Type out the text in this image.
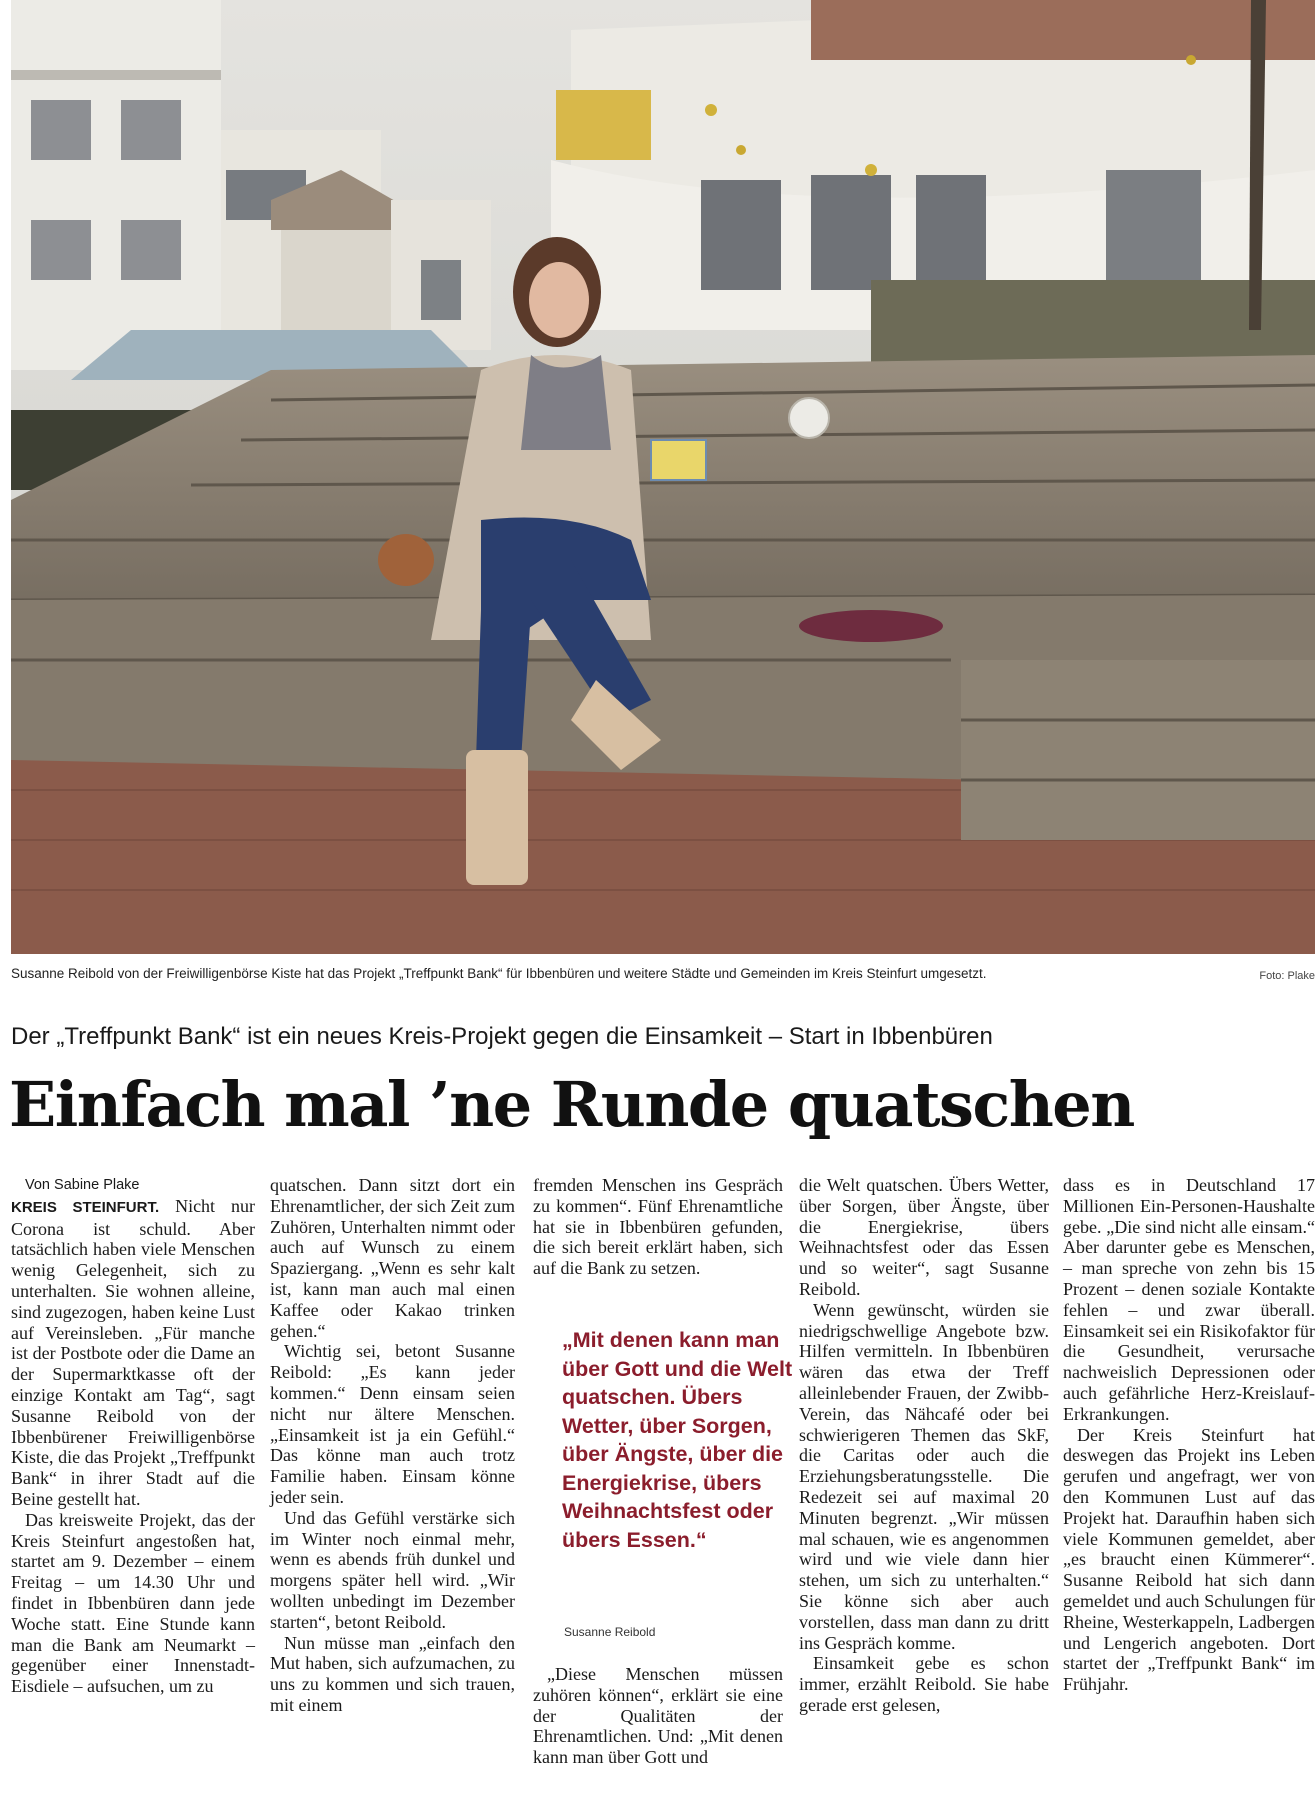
Susanne Reibold von der Freiwilligenbörse Kiste hat das Projekt „Treffpunkt Bank“ für Ibbenbüren und weitere Städte und Gemeinden im Kreis Steinfurt umgesetzt.	Foto: Plake
Der „Treffpunkt Bank“ ist ein neues Kreis-Projekt gegen die Einsamkeit – Start in Ibbenbüren
Einfach mal ’ne Runde quatschen

Von Sabine Plake

KREIS STEINFURT. Nicht nur Corona ist schuld. Aber tatsächlich haben viele Menschen wenig Gelegenheit, sich zu unterhalten. Sie wohnen alleine, sind zugezogen, haben keine Lust auf Vereinsleben. „Für manche ist der Postbote oder die Dame an der Supermarktkasse oft der einzige Kontakt am Tag“, sagt Susanne Reibold von der Ibbenbürener Freiwilligenbörse Kiste, die das Projekt „Treffpunkt Bank“ in ihrer Stadt auf die Beine gestellt hat.

Das kreisweite Projekt, das der Kreis Steinfurt angestoßen hat, startet am 9. Dezember – einem Freitag – um 14.30 Uhr und findet in Ibbenbüren dann jede Woche statt. Eine Stunde kann man die Bank am Neumarkt – gegenüber einer Innenstadt-Eisdiele – aufsuchen, um zu

quatschen. Dann sitzt dort ein Ehrenamtlicher, der sich Zeit zum Zuhören, Unterhalten nimmt oder auch auf Wunsch zu einem Spaziergang. „Wenn es sehr kalt ist, kann man auch mal einen Kaffee oder Kakao trinken gehen.“

Wichtig sei, betont Susanne Reibold: „Es kann jeder kommen.“ Denn einsam seien nicht nur ältere Menschen. „Einsamkeit ist ja ein Gefühl.“ Das könne man auch trotz Familie haben. Einsam könne jeder sein.

Und das Gefühl verstärke sich im Winter noch einmal mehr, wenn es abends früh dunkel und morgens später hell wird. „Wir wollten unbedingt im Dezember starten“, betont Reibold.

Nun müsse man „einfach den Mut haben, sich aufzumachen, zu uns zu kommen und sich trauen, mit einem

fremden Menschen ins Gespräch zu kommen“. Fünf Ehrenamtliche hat sie in Ibbenbüren gefunden, die sich bereit erklärt haben, sich auf die Bank zu setzen.

„Mit denen kann man über Gott und die Welt quatschen. Übers Wetter, über Sorgen, über Ängste, über die Energiekrise, übers Weihnachtsfest oder übers Essen.“
Susanne Reibold

„Diese Menschen müssen zuhören können“, erklärt sie eine der Qualitäten der Ehrenamtlichen. Und: „Mit denen kann man über Gott und

die Welt quatschen. Übers Wetter, über Sorgen, über Ängste, über die Energiekrise, übers Weihnachtsfest oder das Essen und so weiter“, sagt Susanne Reibold.

Wenn gewünscht, würden sie niedrigschwellige Angebote bzw. Hilfen vermitteln. In Ibbenbüren wären das etwa der Treff alleinlebender Frauen, der Zwibb-Verein, das Nähcafé oder bei schwierigeren Themen das SkF, die Caritas oder auch die Erziehungsberatungsstelle. Die Redezeit sei auf maximal 20 Minuten begrenzt. „Wir müssen mal schauen, wie es angenommen wird und wie viele dann hier stehen, um sich zu unterhalten.“ Sie könne sich aber auch vorstellen, dass man dann zu dritt ins Gespräch komme.

Einsamkeit gebe es schon immer, erzählt Reibold. Sie habe gerade erst gelesen,

dass es in Deutschland 17 Millionen Ein-Personen-Haushalte gebe. „Die sind nicht alle einsam.“ Aber darunter gebe es Menschen, – man spreche von zehn bis 15 Prozent – denen soziale Kontakte fehlen – und zwar überall. Einsamkeit sei ein Risikofaktor für die Gesundheit, verursache nachweislich Depressionen oder auch gefährliche Herz-Kreislauf-Erkrankungen.

Der Kreis Steinfurt hat deswegen das Projekt ins Leben gerufen und angefragt, wer von den Kommunen Lust auf das Projekt hat. Daraufhin haben sich viele Kommunen gemeldet, aber „es braucht einen Kümmerer“. Susanne Reibold hat sich dann gemeldet und auch Schulungen für Rheine, Westerkappeln, Ladbergen und Lengerich angeboten. Dort startet der „Treffpunkt Bank“ im Frühjahr.
